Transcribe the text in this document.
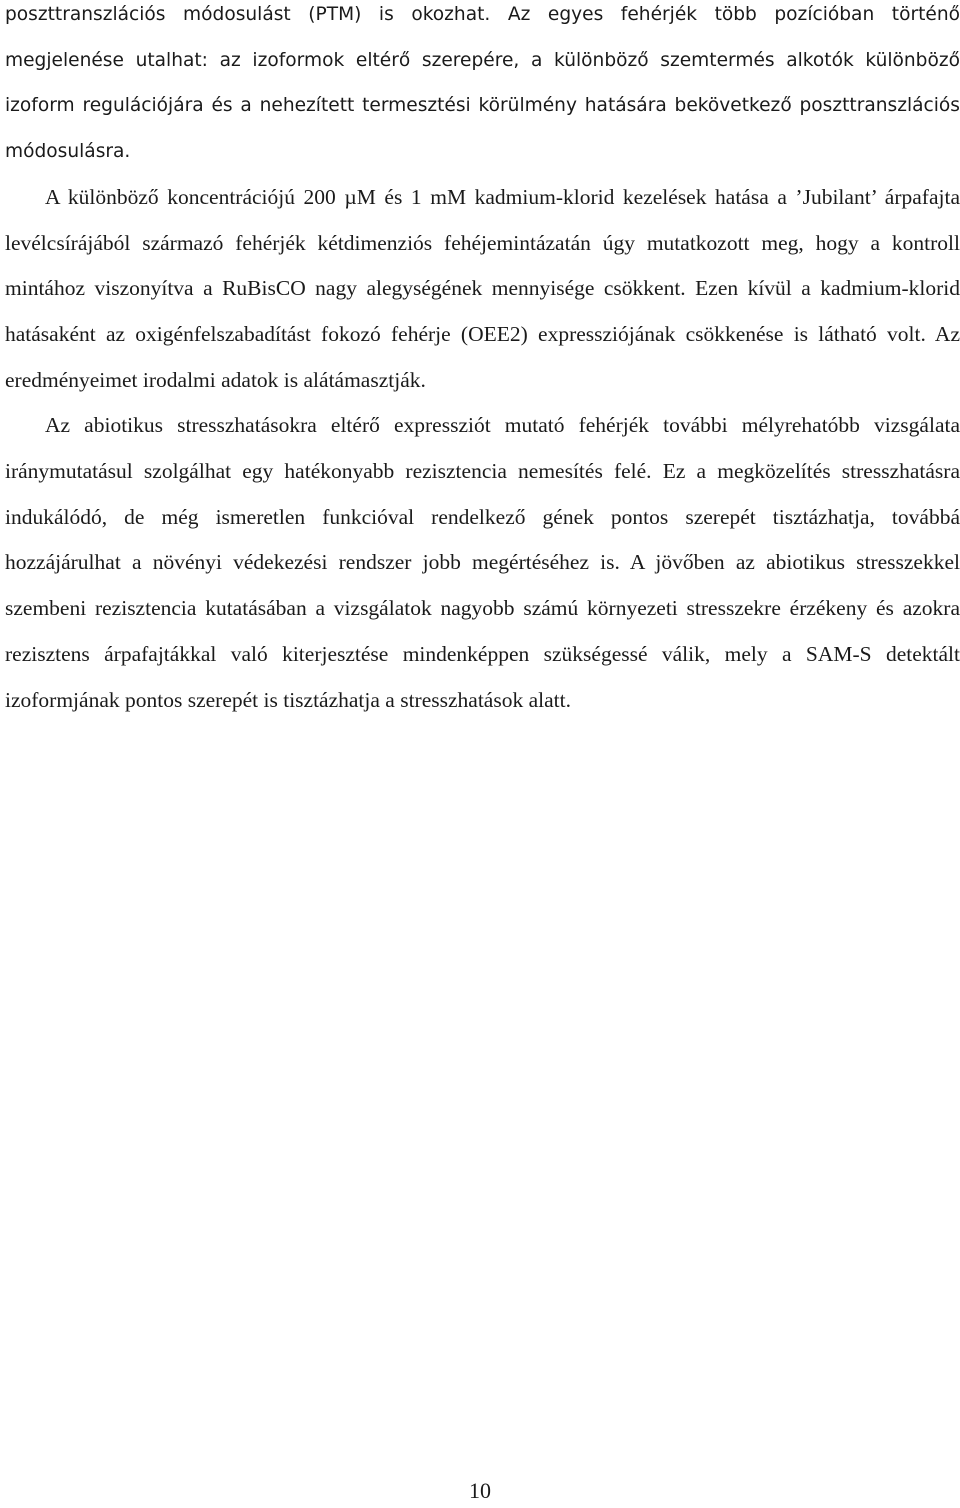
poszttranszlációs módosulást (PTM) is okozhat. Az egyes fehérjék több pozícióban történő megjelenése utalhat: az izoformok eltérő szerepére, a különböző szemtermés alkotók különböző izoform regulációjára és a nehezített termesztési körülmény hatására bekövetkező poszttranszlációs módosulásra.

A különböző koncentrációjú 200 µM és 1 mM kadmium-klorid kezelések hatása a ’Jubilant’ árpafajta levélcsírájából származó fehérjék kétdimenziós fehéjemintázatán úgy mutatkozott meg, hogy a kontroll mintához viszonyítva a RuBisCO nagy alegységének mennyisége csökkent. Ezen kívül a kadmium-klorid hatásaként az oxigénfelszabadítást fokozó fehérje (OEE2) expressziójának csökkenése is látható volt. Az eredményeimet irodalmi adatok is alátámasztják.

Az abiotikus stresszhatásokra eltérő expressziót mutató fehérjék további mélyrehatóbb vizsgálata iránymutatásul szolgálhat egy hatékonyabb rezisztencia nemesítés felé. Ez a megközelítés stresszhatásra indukálódó, de még ismeretlen funkcióval rendelkező gének pontos szerepét tisztázhatja, továbbá hozzájárulhat a növényi védekezési rendszer jobb megértéséhez is. A jövőben az abiotikus stresszekkel szembeni rezisztencia kutatásában a vizsgálatok nagyobb számú környezeti stresszekre érzékeny és azokra rezisztens árpafajtákkal való kiterjesztése mindenképpen szükségessé válik, mely a SAM-S detektált izoformjának pontos szerepét is tisztázhatja a stresszhatások alatt.

10
